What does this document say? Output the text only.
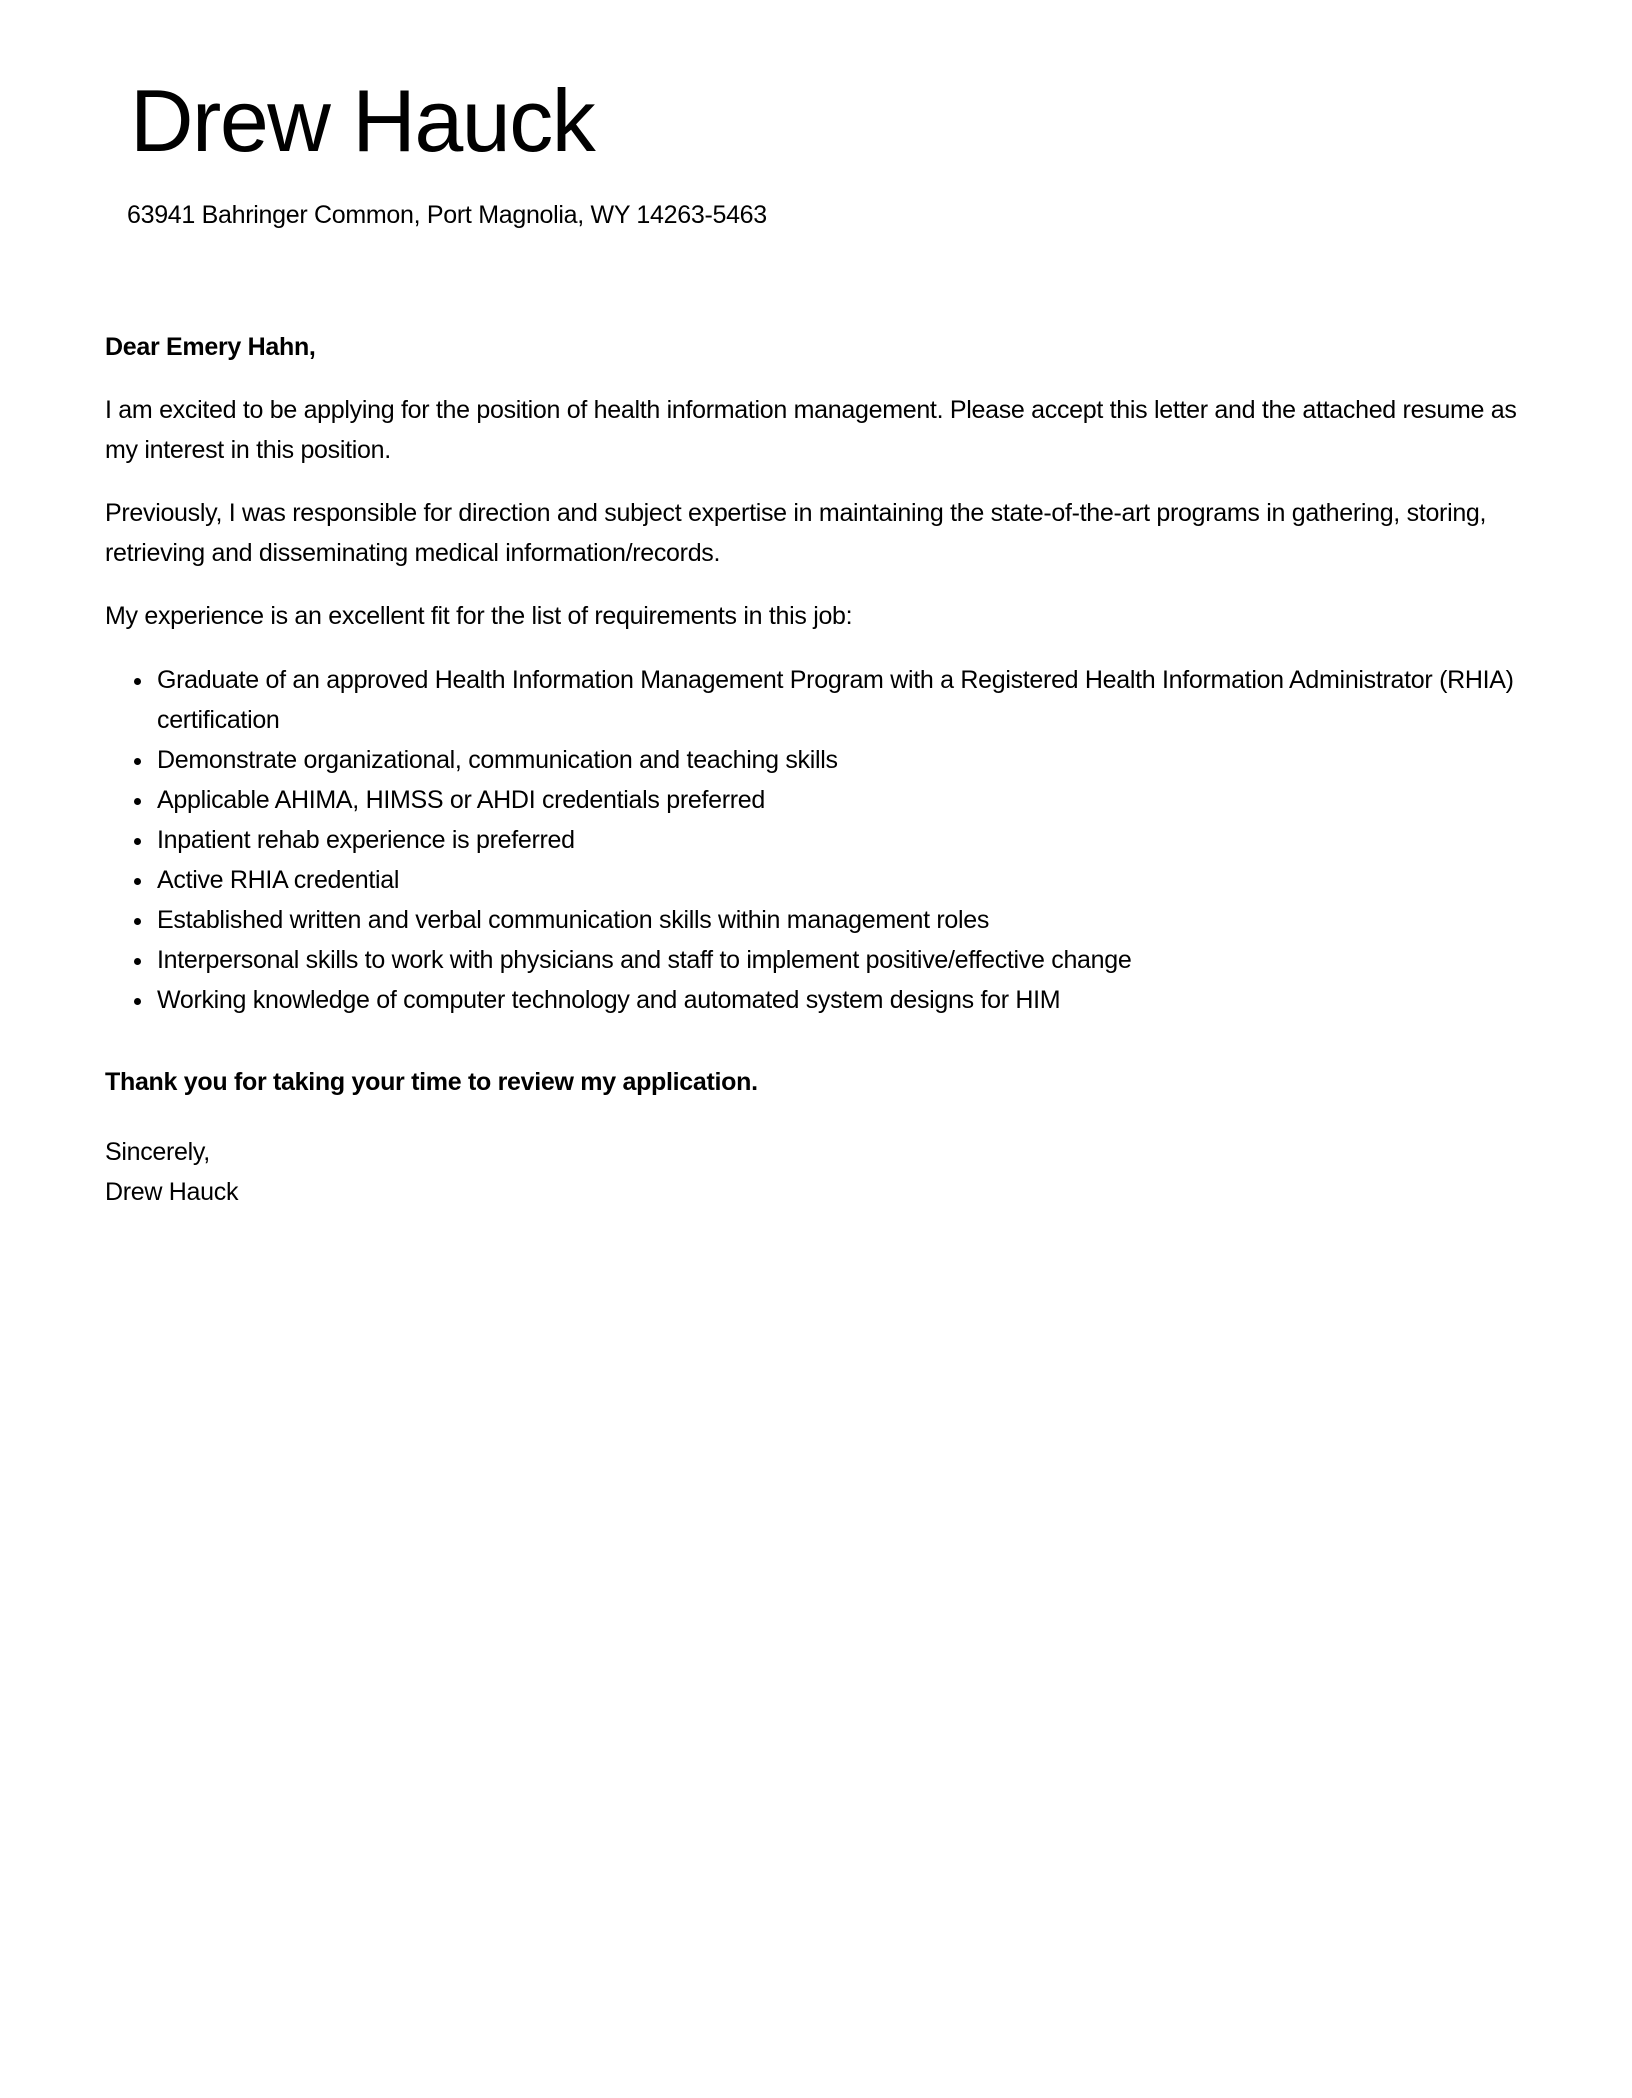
Drew Hauck
63941 Bahringer Common, Port Magnolia, WY 14263-5463

Dear Emery Hahn,

I am excited to be applying for the position of health information management. Please accept this letter and the attached resume as my interest in this position.

Previously, I was responsible for direction and subject expertise in maintaining the state-of-the-art programs in gathering, storing, retrieving and disseminating medical information/records.

My experience is an excellent fit for the list of requirements in this job:

• Graduate of an approved Health Information Management Program with a Registered Health Information Administrator (RHIA) certification
• Demonstrate organizational, communication and teaching skills
• Applicable AHIMA, HIMSS or AHDI credentials preferred
• Inpatient rehab experience is preferred
• Active RHIA credential
• Established written and verbal communication skills within management roles
• Interpersonal skills to work with physicians and staff to implement positive/effective change
• Working knowledge of computer technology and automated system designs for HIM

Thank you for taking your time to review my application.

Sincerely,
Drew Hauck
